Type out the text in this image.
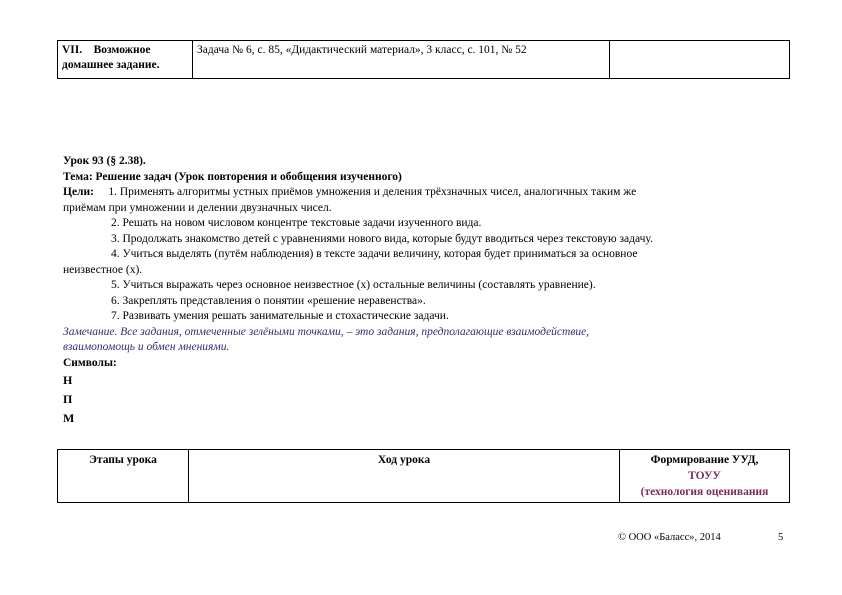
VII.    Возможное
домашнее задание.
	Задача № 6, с. 85, «Дидактический материал», 3 класс, с. 101, № 52	
Урок 93 (§ 2.38).
Тема: Решение задач (Урок повторения и обобщения изученного)
Цели:     1. Применять алгоритмы устных приёмов умножения и деления трёхзначных чисел, аналогичных таким же
приёмам при умножении и делении двузначных чисел.
2. Решать на новом числовом концентре текстовые задачи изученного вида.
3. Продолжать знакомство детей с уравнениями нового вида, которые будут вводиться через текстовую задачу.
4. Учиться выделять (путём наблюдения) в тексте задачи величину, которая будет приниматься за основное
неизвестное (х).
5. Учиться выражать через основное неизвестное (х) остальные величины (составлять уравнение).
6. Закреплять представления о понятии «решение неравенства».
7. Развивать умения решать занимательные и стохастические задачи.
Замечание. Все задания, отмеченные зелёными точками, – это задания, предполагающие взаимодействие,
взаимопомощь и обмен мнениями.
Символы:
Н
П
М
Этапы урока	Ход урока	Формирование УУД,
ТОУУ
(технология оценивания
© ООО «Баласс», 2014	5
